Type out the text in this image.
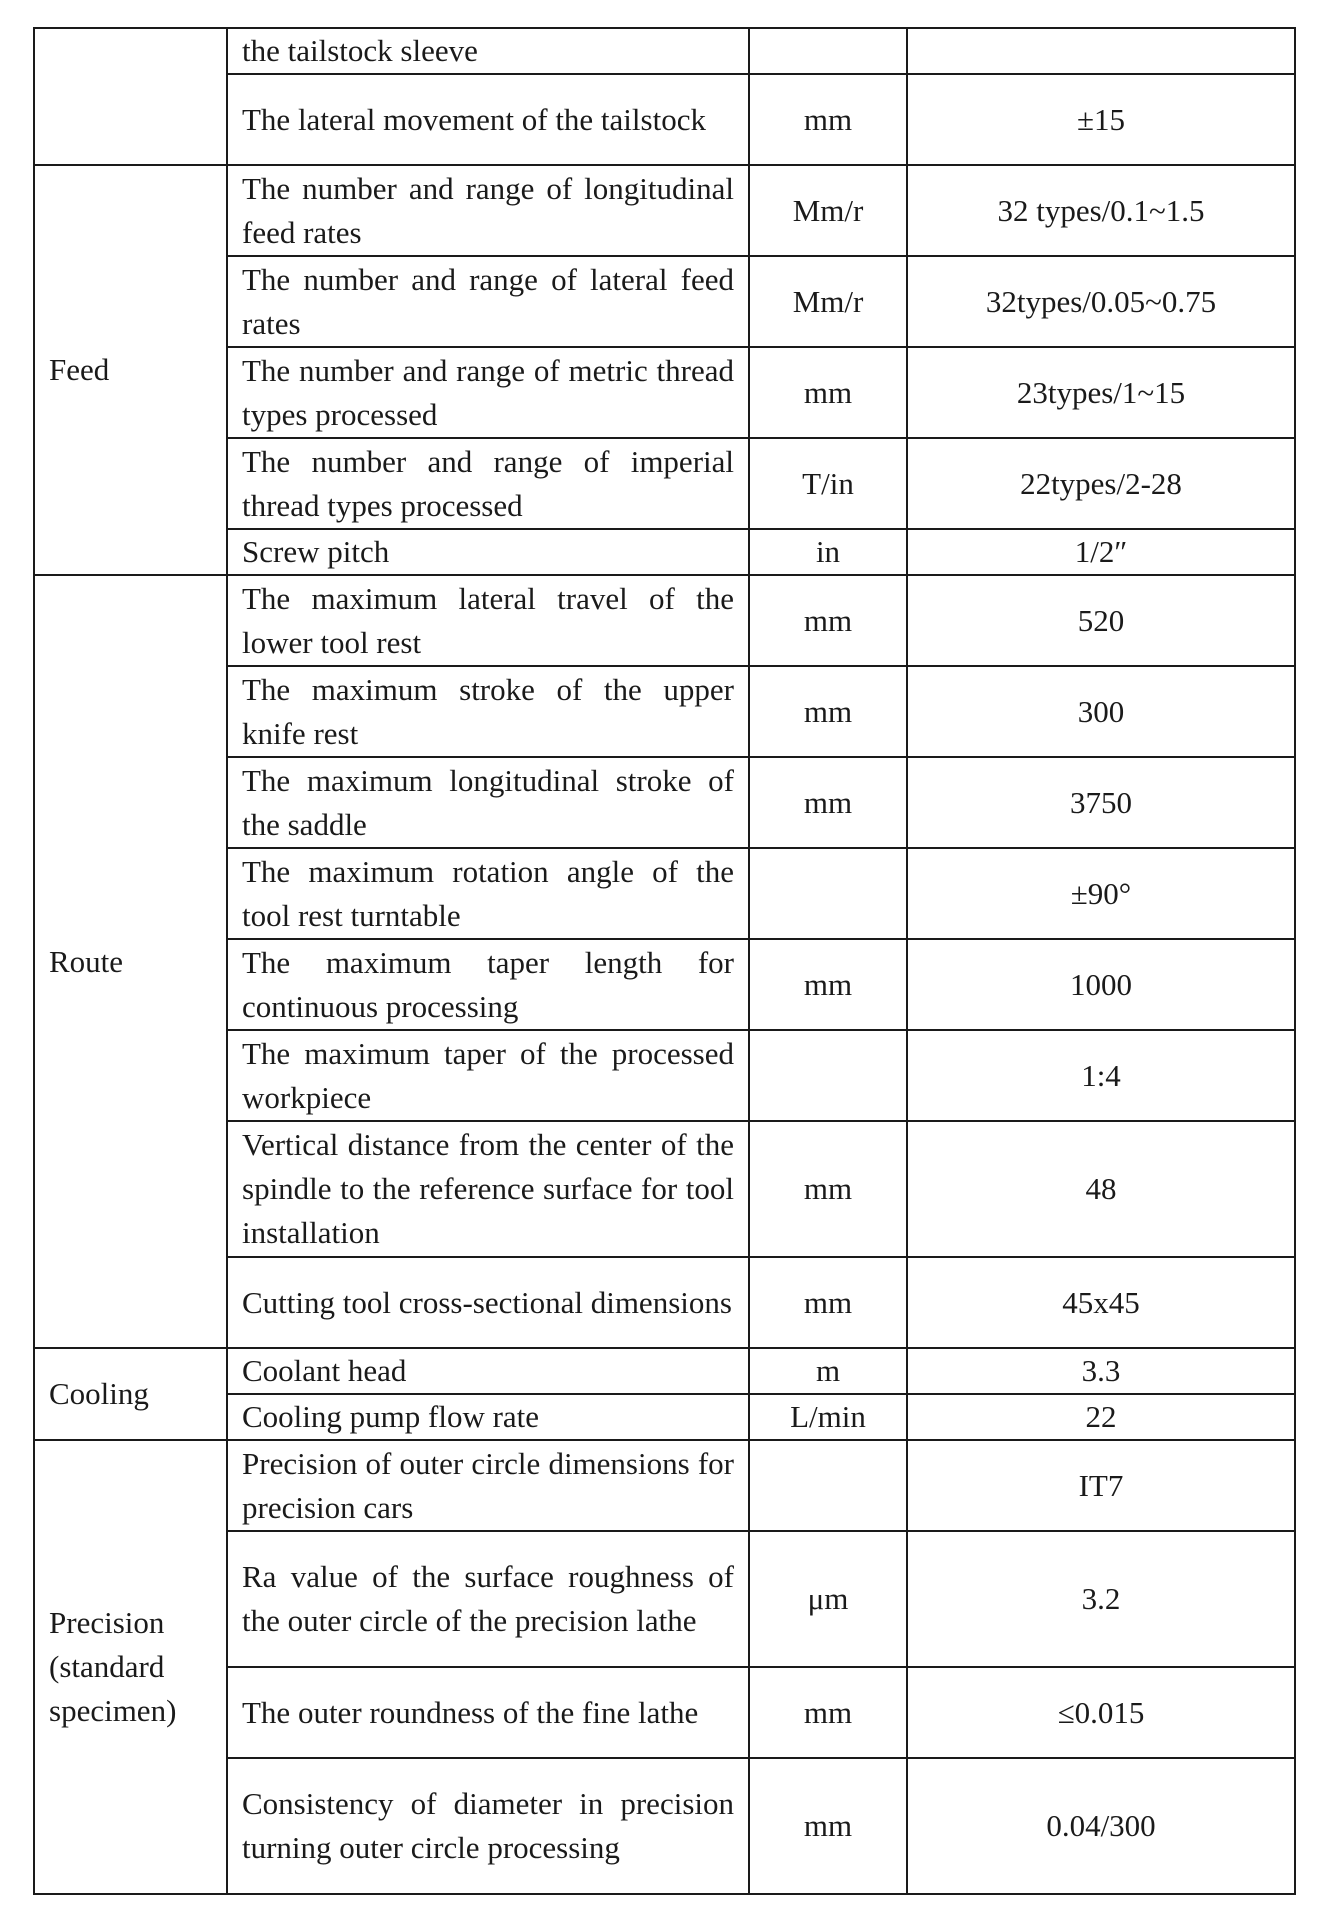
	the tailstock sleeve		
	The lateral movement of the tailstock	mm	±15

Feed	The number and range of longitudinal feed rates	Mm/r	32 types/0.1~1.5
	The number and range of lateral feed rates	Mm/r	32types/0.05~0.75
	The number and range of metric thread types processed	mm	23types/1~15
	The number and range of imperial thread types processed	T/in	22types/2-28
	Screw pitch	in	1/2″

Route	The maximum lateral travel of the lower tool rest	mm	520
	The maximum stroke of the upper knife rest	mm	300
	The maximum longitudinal stroke of the saddle	mm	3750
	The maximum rotation angle of the tool rest turntable		±90°
	The maximum taper length for continuous processing	mm	1000
	The maximum taper of the processed workpiece		1:4
	Vertical distance from the center of the spindle to the reference surface for tool installation	mm	48
	Cutting tool cross-sectional dimensions	mm	45x45

Cooling	Coolant head	m	3.3
	Cooling pump flow rate	L/min	22

Precision (standard specimen)	Precision of outer circle dimensions for precision cars		IT7
	Ra value of the surface roughness of the outer circle of the precision lathe	μm	3.2
	The outer roundness of the fine lathe	mm	≤0.015
	Consistency of diameter in precision turning outer circle processing	mm	0.04/300
